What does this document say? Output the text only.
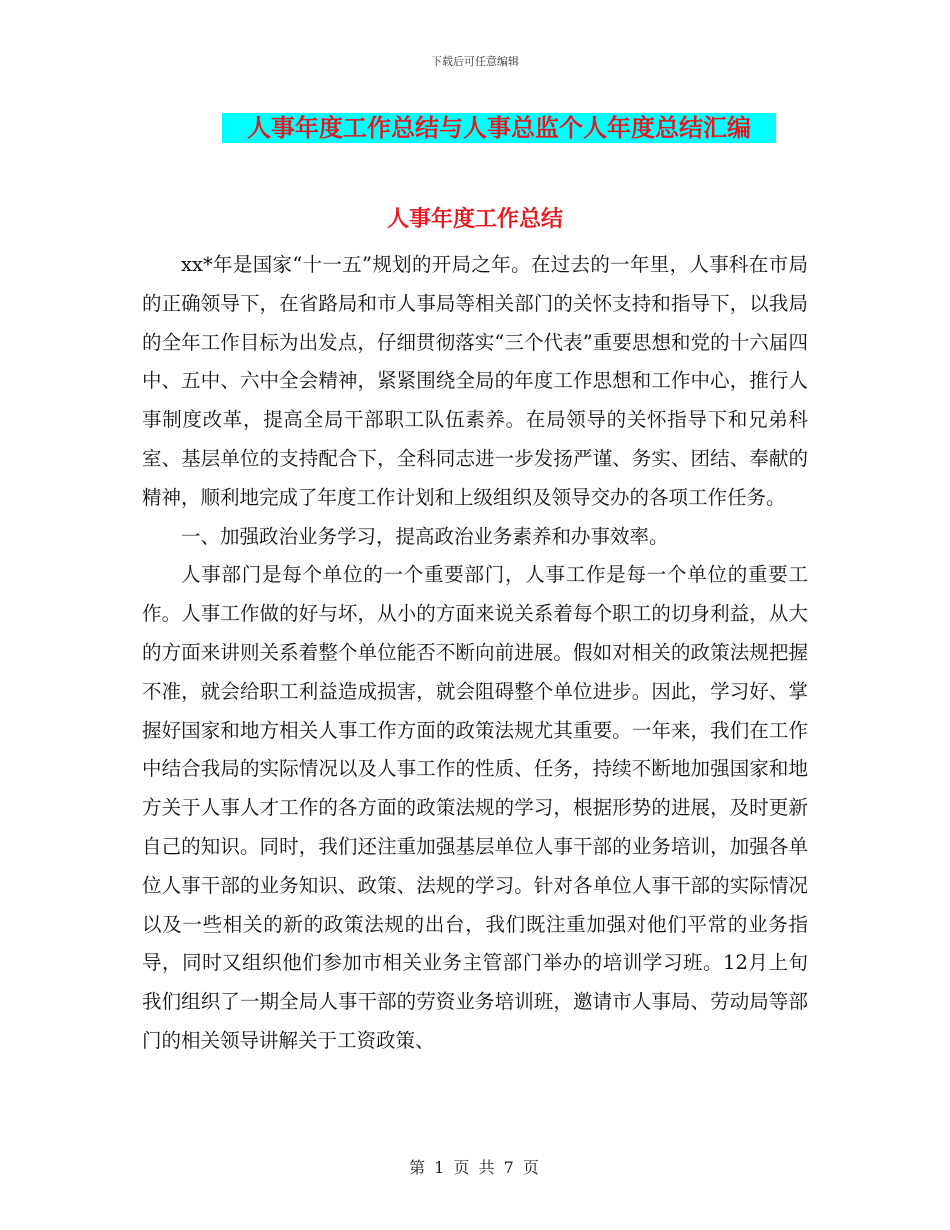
下载后可任意编辑
人事年度工作总结与人事总监个人年度总结汇编
人事年度工作总结

xx*年是国家“十一五”规划的开局之年。在过去的一年里，人事科在市局的正确领导下，在省路局和市人事局等相关部门的关怀支持和指导下，以我局的全年工作目标为出发点，仔细贯彻落实“三个代表”重要思想和党的十六届四中、五中、六中全会精神，紧紧围绕全局的年度工作思想和工作中心，推行人事制度改革，提高全局干部职工队伍素养。在局领导的关怀指导下和兄弟科室、基层单位的支持配合下，全科同志进一步发扬严谨、务实、团结、奉献的精神，顺利地完成了年度工作计划和上级组织及领导交办的各项工作任务。

一、加强政治业务学习，提高政治业务素养和办事效率。

人事部门是每个单位的一个重要部门，人事工作是每一个单位的重要工作。人事工作做的好与坏，从小的方面来说关系着每个职工的切身利益，从大的方面来讲则关系着整个单位能否不断向前进展。假如对相关的政策法规把握不准，就会给职工利益造成损害，就会阻碍整个单位进步。因此，学习好、掌握好国家和地方相关人事工作方面的政策法规尤其重要。一年来，我们在工作中结合我局的实际情况以及人事工作的性质、任务，持续不断地加强国家和地方关于人事人才工作的各方面的政策法规的学习，根据形势的进展，及时更新自己的知识。同时，我们还注重加强基层单位人事干部的业务培训，加强各单位人事干部的业务知识、政策、法规的学习。针对各单位人事干部的实际情况以及一些相关的新的政策法规的出台，我们既注重加强对他们平常的业务指导，同时又组织他们参加市相关业务主管部门举办的培训学习班。12月上旬我们组织了一期全局人事干部的劳资业务培训班，邀请市人事局、劳动局等部门的相关领导讲解关于工资政策、

第 1 页 共 7 页
